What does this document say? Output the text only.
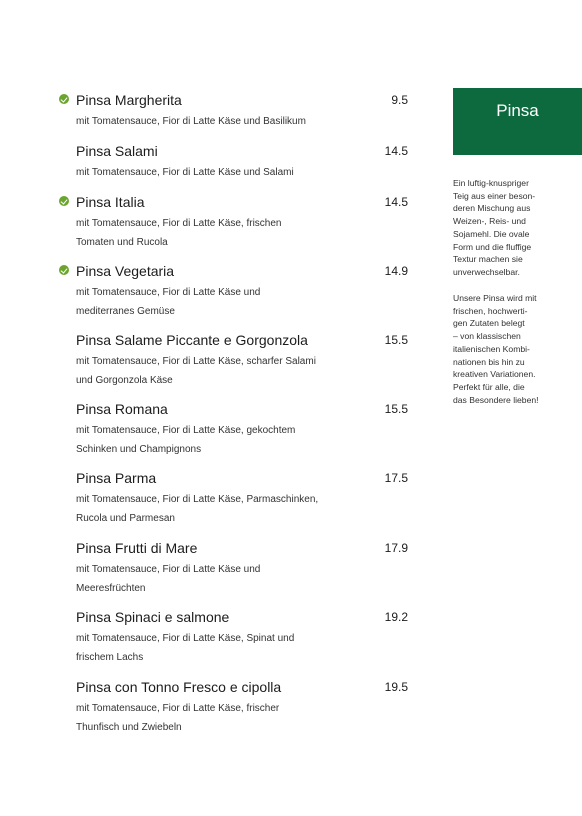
Pinsa Margherita	9.5
mit Tomatensauce, Fior di Latte Käse und Basilikum
Pinsa Salami	14.5
mit Tomatensauce, Fior di Latte Käse und Salami
Pinsa Italia	14.5
mit Tomatensauce, Fior di Latte Käse, frischen
Tomaten und Rucola
Pinsa Vegetaria	14.9
mit Tomatensauce, Fior di Latte Käse und
mediterranes Gemüse
Pinsa Salame Piccante e Gorgonzola	15.5
mit Tomatensauce, Fior di Latte Käse, scharfer Salami
und Gorgonzola Käse
Pinsa Romana	15.5
mit Tomatensauce, Fior di Latte Käse, gekochtem
Schinken und Champignons
Pinsa Parma	17.5
mit Tomatensauce, Fior di Latte Käse, Parmaschinken,
Rucola und Parmesan
Pinsa Frutti di Mare	17.9
mit Tomatensauce, Fior di Latte Käse und
Meeresfrüchten
Pinsa Spinaci e salmone	19.2
mit Tomatensauce, Fior di Latte Käse, Spinat und
frischem Lachs
Pinsa con Tonno Fresco e cipolla	19.5
mit Tomatensauce, Fior di Latte Käse, frischer
Thunfisch und Zwiebeln
Pinsa
Ein luftig-knuspriger
Teig aus einer beson-
deren Mischung aus
Weizen-, Reis- und
Sojamehl. Die ovale
Form und die fluffige
Textur machen sie
unverwechselbar.
Unsere Pinsa wird mit
frischen, hochwerti-
gen Zutaten belegt
– von klassischen
italienischen Kombi-
nationen bis hin zu
kreativen Variationen.
Perfekt für alle, die
das Besondere lieben!
